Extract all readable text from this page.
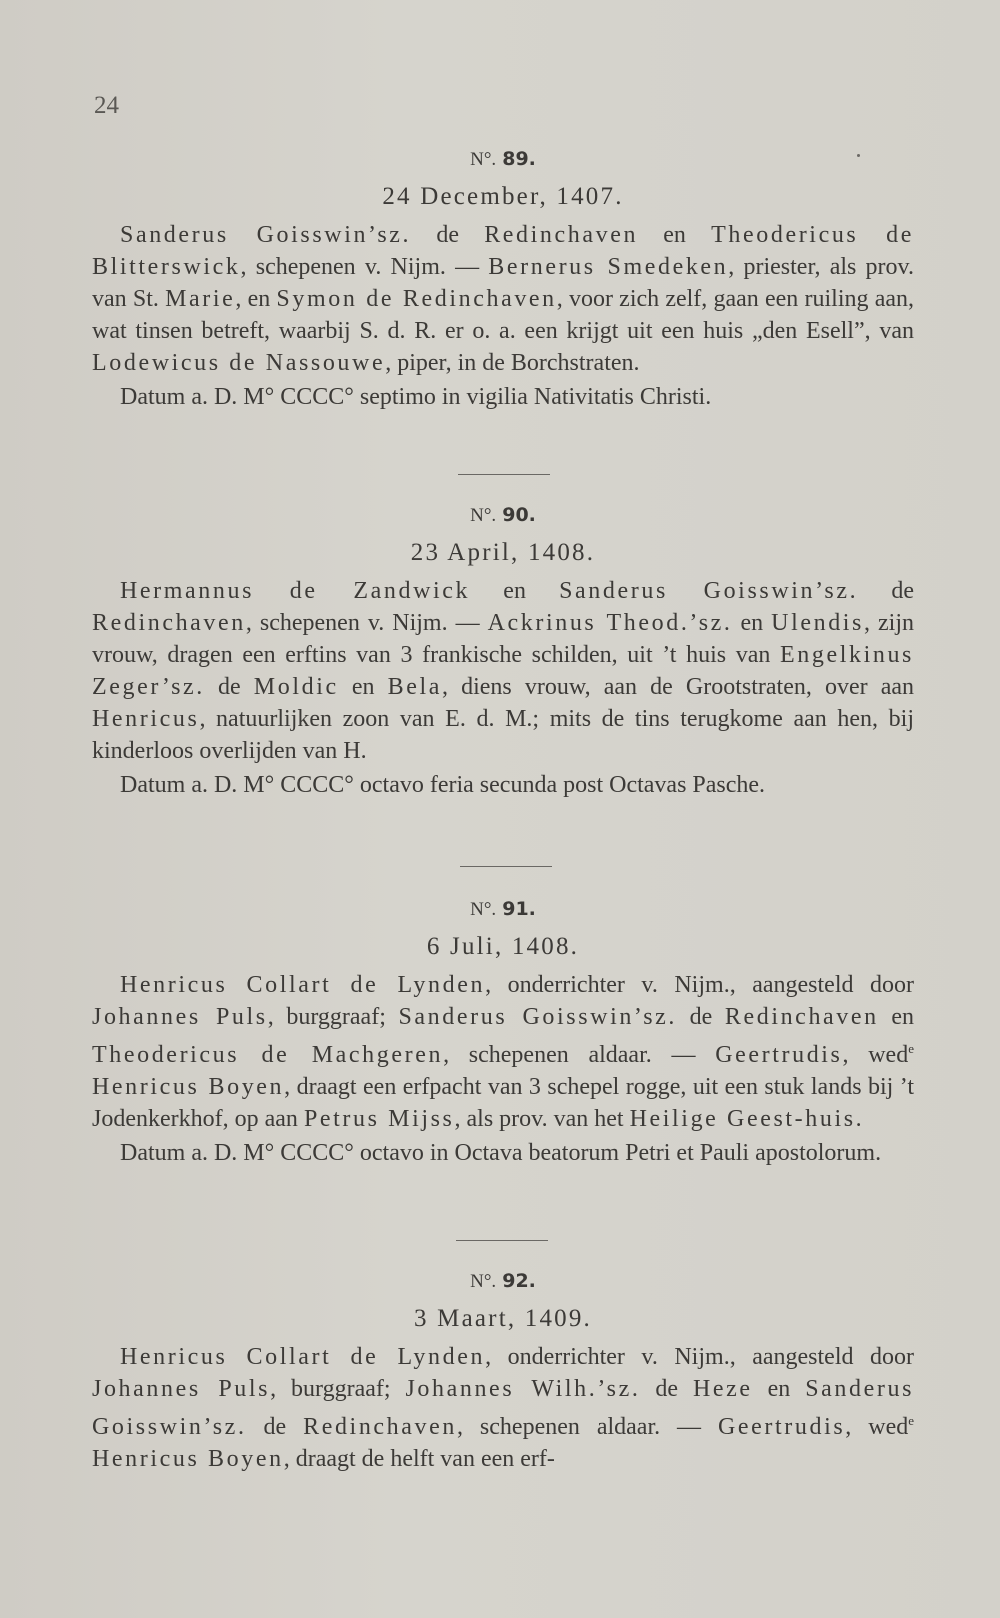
24
N°. 89.
24 December, 1407.

Sanderus Goisswin’sz. de Redinchaven en Theodericus de Blitterswick, schepenen v. Nijm. — Bernerus Smedeken, priester, als prov. van St. Marie, en Symon de Redinchaven, voor zich zelf, gaan een ruiling aan, wat tinsen betreft, waarbij S. d. R. er o. a. een krijgt uit een huis „den Esell”, van Lodewicus de Nassouwe, piper, in de Borchstraten.

Datum a. D. M° CCCC° septimo in vigilia Nativitatis Christi.

N°. 90.
23 April, 1408.

Hermannus de Zandwick en Sanderus Goisswin’sz. de Redinchaven, schepenen v. Nijm. — Ackrinus Theod.’sz. en Ulendis, zijn vrouw, dragen een erftins van 3 frankische schilden, uit ’t huis van Engelkinus Zeger’sz. de Moldic en Bela, diens vrouw, aan de Grootstraten, over aan Henricus, natuurlijken zoon van E. d. M.; mits de tins terugkome aan hen, bij kinderloos overlijden van H.

Datum a. D. M° CCCC° octavo feria secunda post Octavas Pasche.

N°. 91.
6 Juli, 1408.

Henricus Collart de Lynden, onderrichter v. Nijm., aangesteld door Johannes Puls, burggraaf; Sanderus Goisswin’sz. de Redinchaven en Theodericus de Machgeren, schepenen aldaar. — Geertrudis, wed$^e$ Henricus Boyen, draagt een erfpacht van 3 schepel rogge, uit een stuk lands bij ’t Jodenkerkhof, op aan Petrus Mijss, als prov. van het Heilige Geest-huis.

Datum a. D. M° CCCC° octavo in Octava beatorum Petri et Pauli apostolorum.

N°. 92.
3 Maart, 1409.

Henricus Collart de Lynden, onderrichter v. Nijm., aangesteld door Johannes Puls, burggraaf; Johannes Wilh.’sz. de Heze en Sanderus Goisswin’sz. de Redinchaven, schepenen aldaar. — Geertrudis, wed$^e$ Henricus Boyen, draagt de helft van een erf-
